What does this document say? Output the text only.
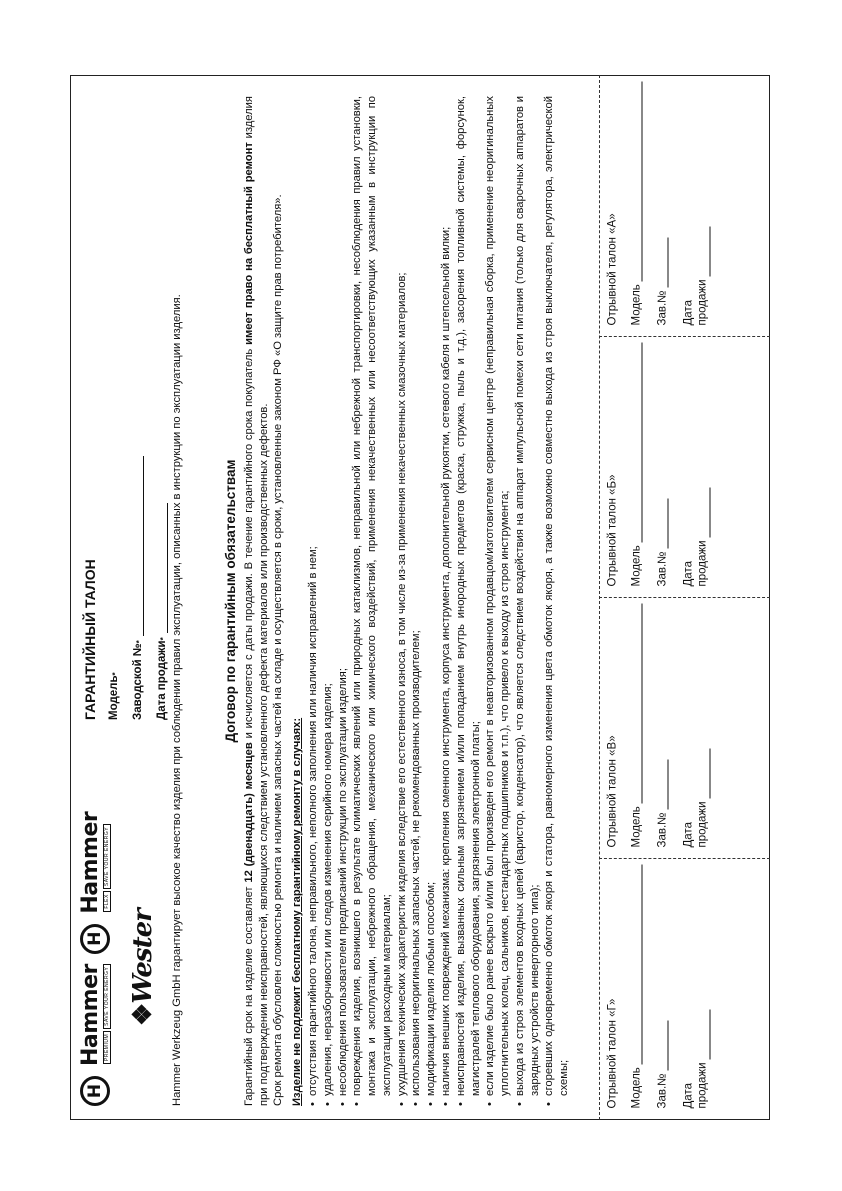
H
Hammer PREMIUMSAVE YOUR ENERGY
H
Hammer FLEXSAVE YOUR ENERGY
❖Wester
ГАРАНТИЙНЫЙ ТАЛОН Модель
* Заводской №
* Дата продажи
* Hammer Werkzeug GmbH гарантирует высокое качество изделия при соблюдении правил эксплуатации, описанных в инструкции по эксплуатации изделия.	Договор по гарантийным обязательствам

Гарантийный срок на изделие составляет 12 (двенадцать) месяцев и исчисляется с даты продажи. В течение гарантийного срока покупатель имеет право на бесплатный ремонт изделия при подтверждении неисправностей, являющихся следствием установленного дефекта материалов или производственных дефектов. Срок ремонта обусловлен сложностью ремонта и наличием запасных частей на складе и осуществляется в сроки, установленные законом РФ «О защите прав потребителя». Изделие не подлежит бесплатному гарантийному ремонту в случаях: • отсутствия гарантийного талона, неправильного, неполного заполнения или наличия исправлений в нем; • удаления, неразборчивости или следов изменения серийного номера изделия; • несоблюдения пользователем предписаний инструкции по эксплуатации изделия; • повреждения изделия, возникшего в результате климатических явлений или природных катаклизмов, неправильной или небрежной транспортировки, несоблюдения правил установки, монтажа и эксплуатации, небрежного обращения, механического или химического воздействий, применения некачественных или несоответствующих указанным в инструкции по эксплуатации расходным материалам; • ухудшения технических характеристик изделия вследствие его естественного износа, в том числе из-за применения некачественных смазочных материалов; • использования неоригинальных запасных частей, не рекомендованных производителем; • модификации изделия любым способом; • наличия внешних повреждений механизма: крепления сменного инструмента, корпуса инструмента, дополнительной рукоятки, сетевого кабеля и штепсельной вилки; • неисправностей изделия, вызванных сильным загрязнением и/или попаданием внутрь инородных предметов (краска, стружка, пыль и т.д.), засорения топливной системы, форсунок, магистралей теплового оборудования, загрязнения электронной платы; • если изделие было ранее вскрыто и/или был произведен его ремонт в неавторизованном продавцом/изготовителем сервисном центре (неправильная сборка, применение неоригинальных уплотнительных колец, сальников, нестандартных подшипников и т.п.), что привело к выходу из строя инструмента; • выхода из строя элементов входных цепей (варистор, конденсатор), что является следствием воздействия на аппарат импульсной помехи сети питания (только для сварочных аппаратов и зарядных устройств инверторного типа); • сгоревших одновременно обмоток якоря и статора, равномерного изменения цвета обмоток якоря, а также возможно совместно выхода из строя выключателя, регулятора, электрической схемы;
Отрывной талон «А» Модель Зав.№ Дата продажи
Отрывной талон «Б» Модель Зав.№ Дата продажи
Отрывной талон «В» Модель Зав.№ Дата продажи
Отрывной талон «Г» Модель Зав.№ Дата продажи
